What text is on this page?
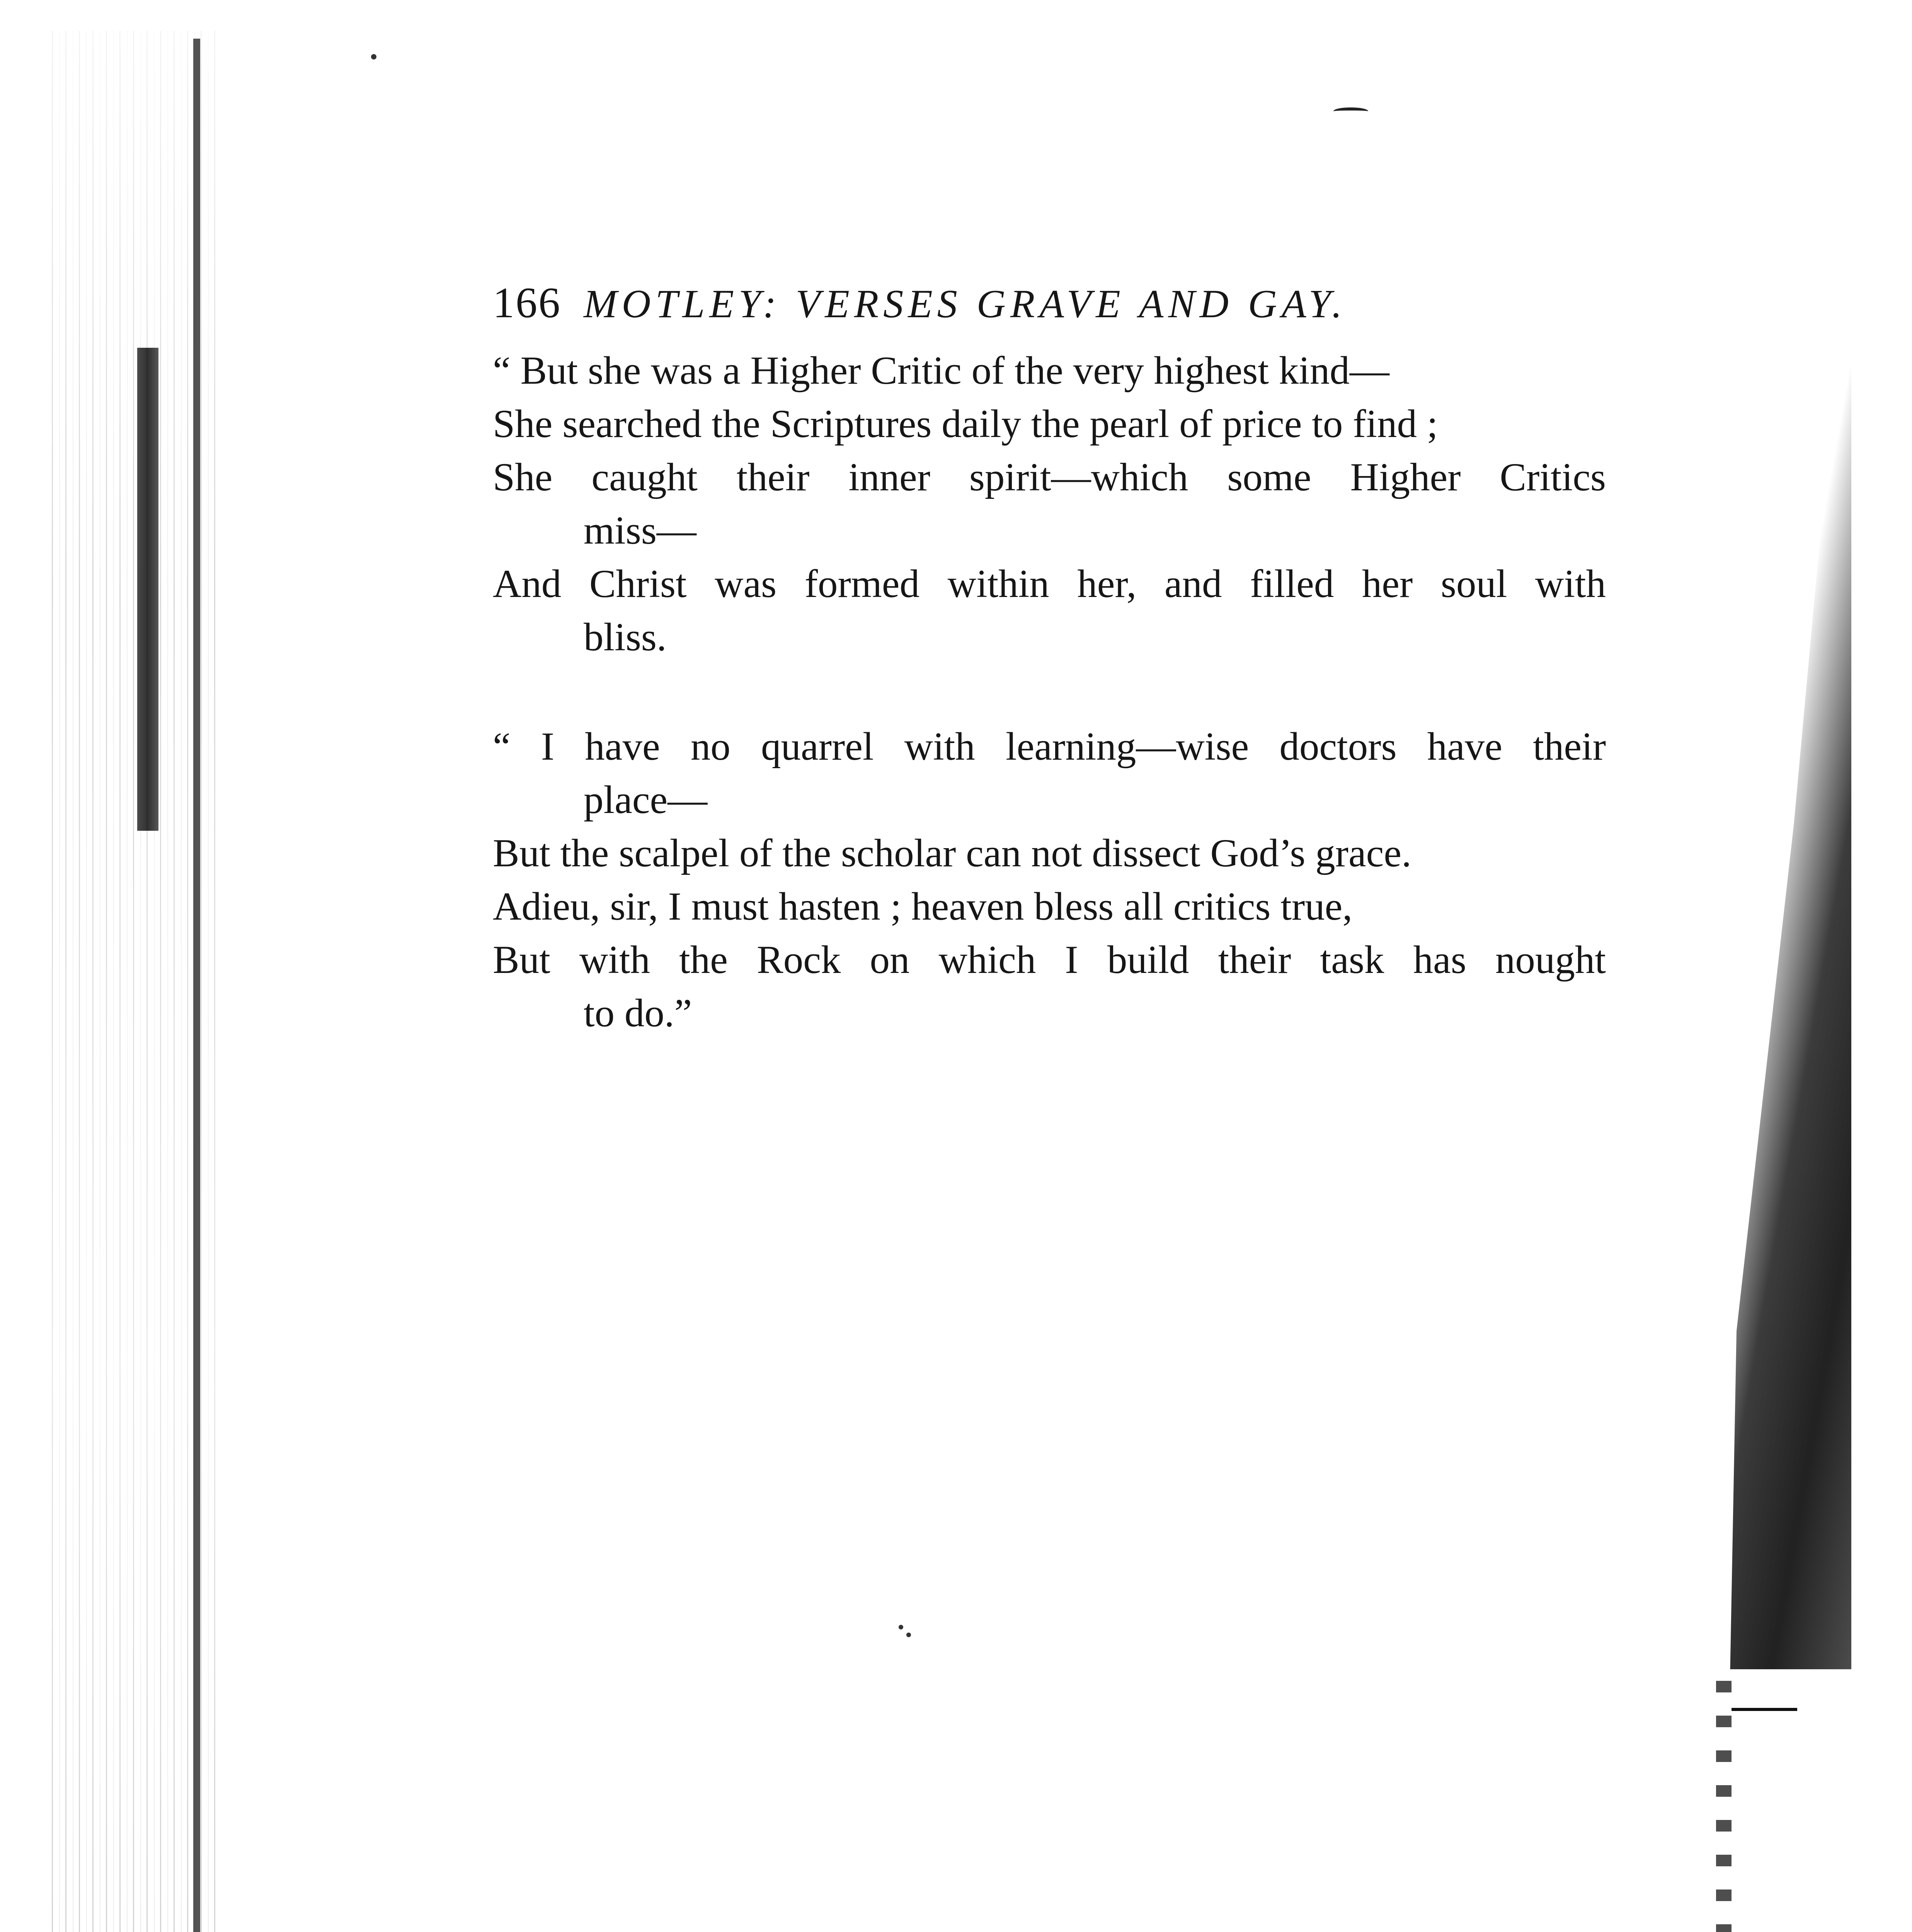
166 MOTLEY: VERSES GRAVE AND GAY.
“ But she was a Higher Critic of the very highest kind—
She searched the Scriptures daily the pearl of price to find ;
She caught their inner spirit—which some Higher Critics
miss—
And Christ was formed within her, and filled her soul with
bliss.
“ I have no quarrel with learning—wise doctors have their
place—
But the scalpel of the scholar can not dissect God’s grace.
Adieu, sir, I must hasten ; heaven bless all critics true,
But with the Rock on which I build their task has nought
to do.”
